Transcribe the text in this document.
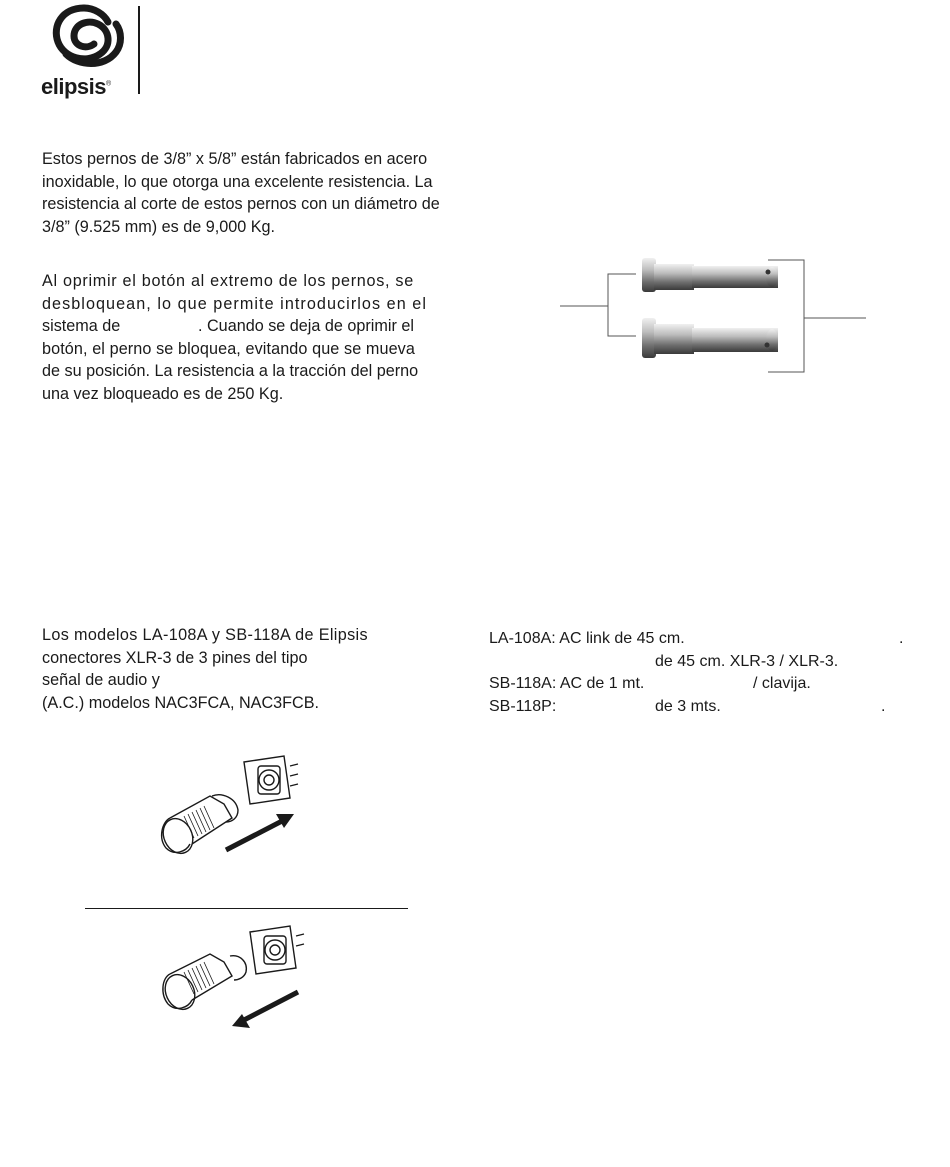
elipsis®
Estos pernos de 3/8” x 5/8” están fabricados en acero
inoxidable, lo que otorga una excelente resistencia. La
resistencia al corte de estos pernos con un diámetro de
3/8” (9.525 mm) es de 9,000 Kg.
Al oprimir el botón al extremo de los pernos, se
desbloquean, lo que permite introducirlos en el
sistema de	. Cuando se deja de oprimir el
botón, el perno se bloquea, evitando que se mueva
de su posición. La resistencia a la tracción del perno
una vez bloqueado es de 250 Kg.
Los modelos LA-108A y SB-118A de Elipsis
conectores XLR-3 de 3 pines del tipo
señal de audio y
(A.C.) modelos NAC3FCA, NAC3FCB.
LA-108A: AC link de 45 cm.	.
de 45 cm. XLR-3 / XLR-3.
SB-118A: AC de 1 mt.	/ clavija.
SB-118P:	de 3 mts.	.
